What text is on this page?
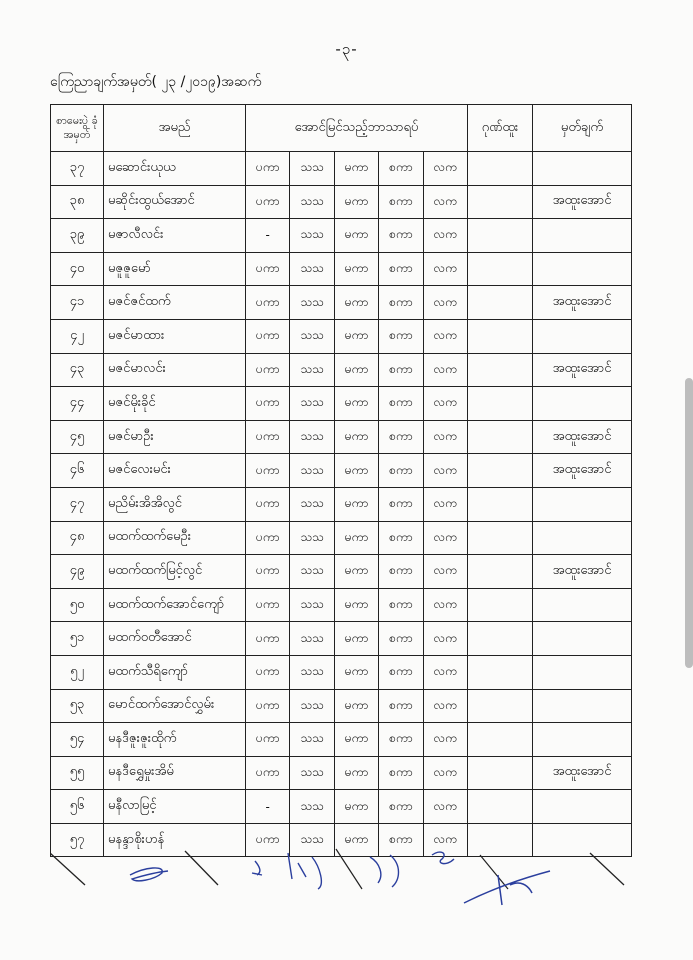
-၃-
ကြေညာချက်အမှတ်( ၂၃ /၂၀၁၉)အဆက်
စာမေးပွဲ ခုံအမှတ်	အမည်	အောင်မြင်သည့်ဘာသာရပ်					ဂုဏ်ထူး	မှတ်ချက်
၃၇	မဆောင်းယုယ	ပကာ	သသ	မကာ	စကာ	လက		
၃၈	မဆိုင်းထွယ်အောင်	ပကာ	သသ	မကာ	စကာ	လက		အထူးအောင်
၃၉	မဇာလီလင်း	-	သသ	မကာ	စကာ	လက		
၄၀	မဇူဇူမော်	ပကာ	သသ	မကာ	စကာ	လက		
၄၁	မဇင်ဇင်ထက်	ပကာ	သသ	မကာ	စကာ	လက		အထူးအောင်
၄၂	မဇင်မာထား	ပကာ	သသ	မကာ	စကာ	လက		
၄၃	မဇင်မာလင်း	ပကာ	သသ	မကာ	စကာ	လက		အထူးအောင်
၄၄	မဇင်မိုးခိုင်	ပကာ	သသ	မကာ	စကာ	လက		
၄၅	မဇင်မာဦး	ပကာ	သသ	မကာ	စကာ	လက		အထူးအောင်
၄၆	မဇင်လေးမင်း	ပကာ	သသ	မကာ	စကာ	လက		အထူးအောင်
၄၇	မညိမ်းအိအိလွင်	ပကာ	သသ	မကာ	စကာ	လက		
၄၈	မထက်ထက်မေဦး	ပကာ	သသ	မကာ	စကာ	လက		
၄၉	မထက်ထက်မြင့်လွင်	ပကာ	သသ	မကာ	စကာ	လက		အထူးအောင်
၅၀	မထက်ထက်အောင်ကျော်	ပကာ	သသ	မကာ	စကာ	လက		
၅၁	မထက်ဝတီအောင်	ပကာ	သသ	မကာ	စကာ	လက		
၅၂	မထက်သီရိကျော်	ပကာ	သသ	မကာ	စကာ	လက		
၅၃	မောင်ထက်အောင်လွှမ်း	ပကာ	သသ	မကာ	စကာ	လက		
၅၄	မနဒီဇူးဇူးထိုက်	ပကာ	သသ	မကာ	စကာ	လက		
၅၅	မနဒီရွှေမှုးအိမ်	ပကာ	သသ	မကာ	စကာ	လက		အထူးအောင်
၅၆	မနီလာမြင့်	-	သသ	မကာ	စကာ	လက		
၅၇	မနန္ဒာစိုးဟန်	ပကာ	သသ	မကာ	စကာ	လက		
